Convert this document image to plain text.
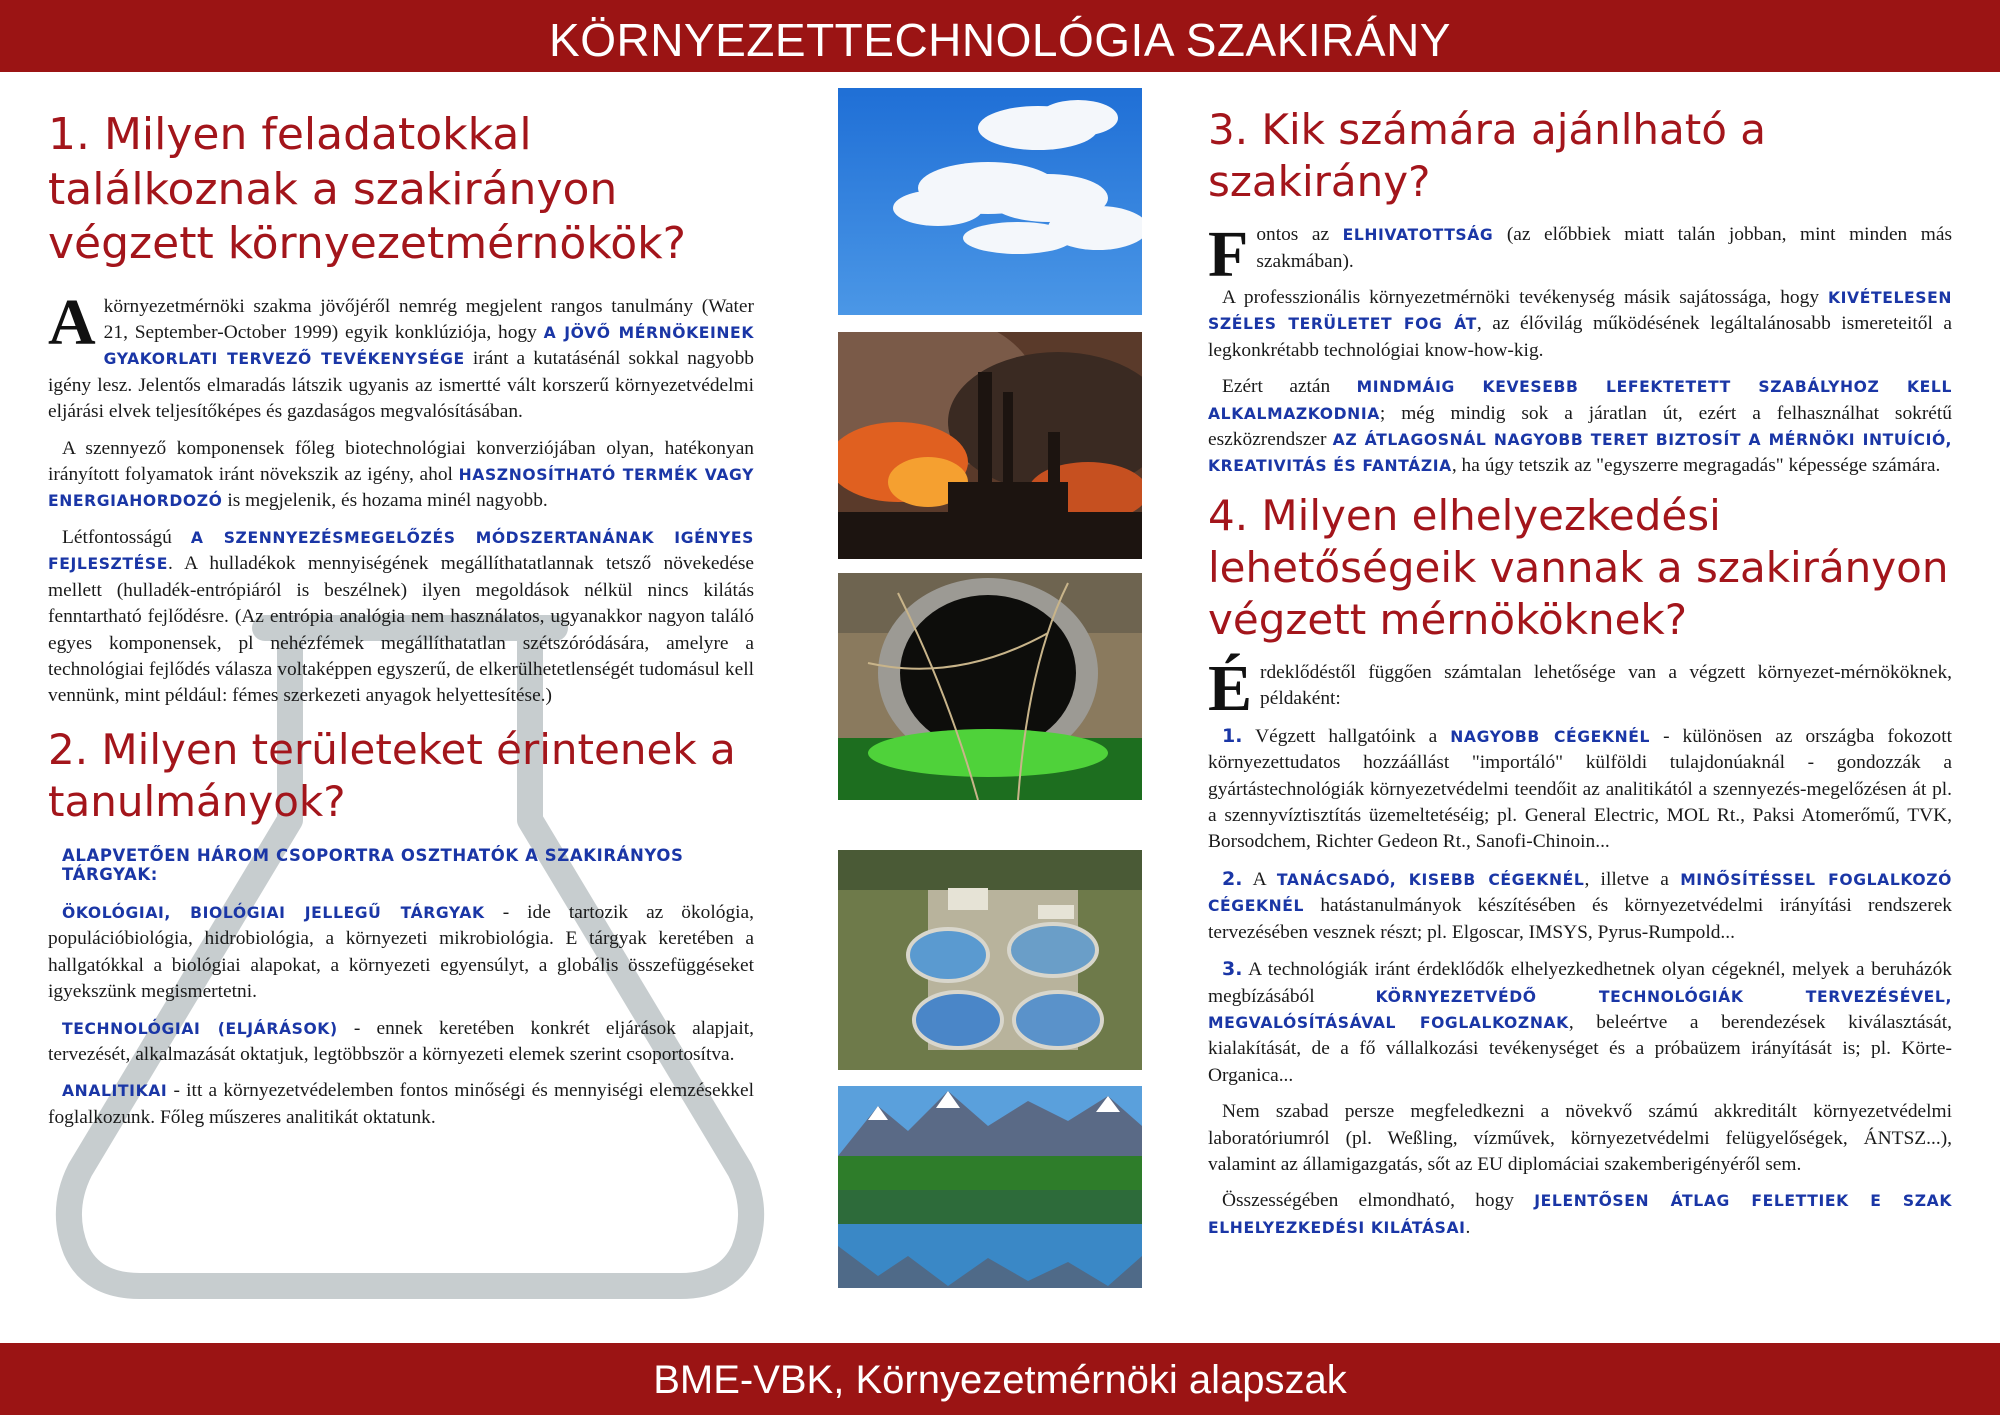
KÖRNYEZETTECHNOLÓGIA SZAKIRÁNY
1. Milyen feladatokkal találkoznak a szakirányon végzett környezetmérnökök?

A környezetmérnöki szakma jövőjéről nemrég megjelent rangos tanulmány (Water 21, September-October 1999) egyik konklúziója, hogy A JÖVŐ MÉRNÖKEINEK GYAKORLATI TERVEZŐ TEVÉKENYSÉGE iránt a kutatásénál sokkal nagyobb igény lesz. Jelentős elmaradás látszik ugyanis az ismertté vált korszerű környezetvédelmi eljárási elvek teljesítőképes és gazdaságos megvalósításában.

A szennyező komponensek főleg biotechnológiai konverziójában olyan, hatékonyan irányított folyamatok iránt növekszik az igény, ahol HASZNOSÍTHATÓ TERMÉK VAGY ENERGIAHORDOZÓ is megjelenik, és hozama minél nagyobb.

Létfontosságú A SZENNYEZÉSMEGELŐZÉS MÓDSZERTANÁNAK IGÉNYES FEJLESZTÉSE. A hulladékok mennyiségének megállíthatatlannak tetsző növekedése mellett (hulladék-entrópiáról is beszélnek) ilyen megoldások nélkül nincs kilátás fenntartható fejlődésre. (Az entrópia analógia nem használatos, ugyanakkor nagyon találó egyes komponensek, pl nehézfémek megállíthatatlan szétszóródására, amelyre a technológiai fejlődés válasza voltaképpen egyszerű, de elkerülhetetlenségét tudomásul kell vennünk, mint például: fémes szerkezeti anyagok helyettesítése.)

2. Milyen területeket érintenek a tanulmányok?
ALAPVETŐEN HÁROM CSOPORTRA OSZTHATÓK A SZAKIRÁNYOS TÁRGYAK:

ÖKOLÓGIAI, BIOLÓGIAI JELLEGŰ TÁRGYAK - ide tartozik az ökológia, populációbiológia, hidrobiológia, a környezeti mikrobiológia. E tárgyak keretében a hallgatókkal a biológiai alapokat, a környezeti egyensúlyt, a globális összefüggéseket igyekszünk megismertetni.

TECHNOLÓGIAI (ELJÁRÁSOK) - ennek keretében konkrét eljárások alapjait, tervezését, alkalmazását oktatjuk, legtöbbször a környezeti elemek szerint csoportosítva.

ANALITIKAI - itt a környezetvédelemben fontos minőségi és mennyiségi elemzésekkel foglalkozunk. Főleg műszeres analitikát oktatunk.

3. Kik számára ajánlható a szakirány?

Fontos az ELHIVATOTTSÁG (az előbbiek miatt talán jobban, mint minden más szakmában).

A professzionális környezetmérnöki tevékenység másik sajátossága, hogy KIVÉTELESEN SZÉLES TERÜLETET FOG ÁT, az élővilág működésének legáltalánosabb ismereteitől a legkonkrétabb technológiai know-how-kig.

Ezért aztán MINDMÁIG KEVESEBB LEFEKTETETT SZABÁLYHOZ KELL ALKALMAZKODNIA; még mindig sok a járatlan út, ezért a felhasználhat sokrétű eszközrendszer AZ ÁTLAGOSNÁL NAGYOBB TERET BIZTOSÍT A MÉRNÖKI INTUÍCIÓ, KREATIVITÁS ÉS FANTÁZIA, ha úgy tetszik az "egyszerre megragadás" képessége számára.

4. Milyen elhelyezkedési lehetőségeik vannak a szakirányon végzett mérnököknek?

Érdeklődéstől függően számtalan lehetősége van a végzett környezet-mérnököknek, példaként:

1. Végzett hallgatóink a NAGYOBB CÉGEKNÉL - különösen az országba fokozott környezettudatos hozzáállást "importáló" külföldi tulajdonúaknál - gondozzák a gyártástechnológiák környezetvédelmi teendőit az analitikától a szennyezés-megelőzésen át pl. a szennyvíztisztítás üzemeltetéséig; pl. General Electric, MOL Rt., Paksi Atomerőmű, TVK, Borsodchem, Richter Gedeon Rt., Sanofi-Chinoin...

2. A TANÁCSADÓ, KISEBB CÉGEKNÉL, illetve a MINŐSÍTÉSSEL FOGLALKOZÓ CÉGEKNÉL hatástanulmányok készítésében és környezetvédelmi irányítási rendszerek tervezésében vesznek részt; pl. Elgoscar, IMSYS, Pyrus-Rumpold...

3. A technológiák iránt érdeklődők elhelyezkedhetnek olyan cégeknél, melyek a beruházók megbízásából KÖRNYEZETVÉDŐ TECHNOLÓGIÁK TERVEZÉSÉVEL, MEGVALÓSÍTÁSÁVAL FOGLALKOZNAK, beleértve a berendezések kiválasztását, kialakítását, de a fő vállalkozási tevékenységet és a próbaüzem irányítását is; pl. Körte-Organica...

Nem szabad persze megfeledkezni a növekvő számú akkreditált környezetvédelmi laboratóriumról (pl. Weßling, vízművek, környezetvédelmi felügyelőségek, ÁNTSZ...), valamint az államigazgatás, sőt az EU diplomáciai szakemberigényéről sem.

Összességében elmondható, hogy JELENTŐSEN ÁTLAG FELETTIEK E SZAK ELHELYEZKEDÉSI KILÁTÁSAI.

BME-VBK, Környezetmérnöki alapszak
